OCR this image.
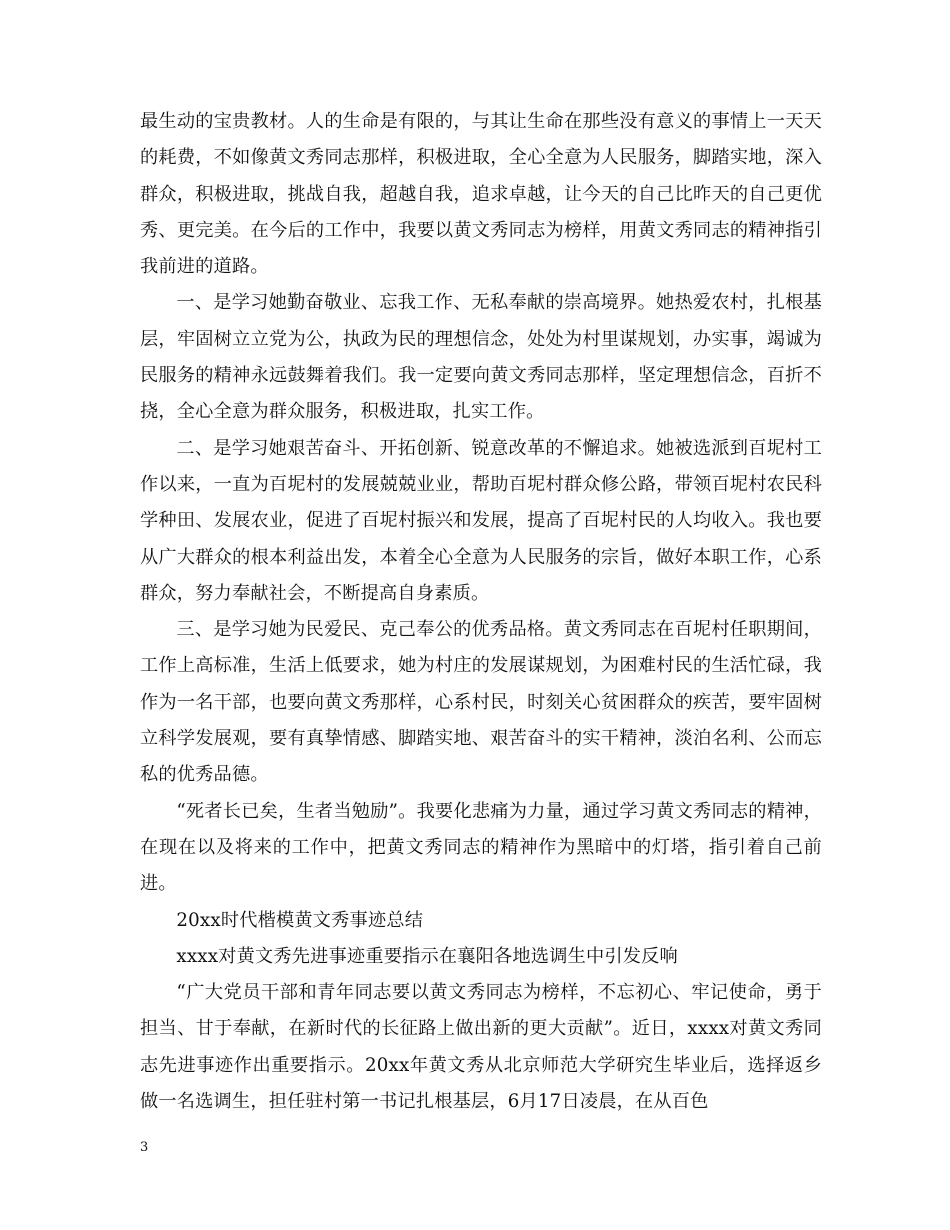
最生动的宝贵教材。人的生命是有限的，与其让生命在那些没有意义的事情上一天天的耗费，不如像黄文秀同志那样，积极进取，全心全意为人民服务，脚踏实地，深入群众，积极进取，挑战自我，超越自我，追求卓越，让今天的自己比昨天的自己更优秀、更完美。在今后的工作中，我要以黄文秀同志为榜样，用黄文秀同志的精神指引我前进的道路。

一、是学习她勤奋敬业、忘我工作、无私奉献的崇高境界。她热爱农村，扎根基层，牢固树立立党为公，执政为民的理想信念，处处为村里谋规划，办实事，竭诚为民服务的精神永远鼓舞着我们。我一定要向黄文秀同志那样，坚定理想信念，百折不挠，全心全意为群众服务，积极进取，扎实工作。

二、是学习她艰苦奋斗、开拓创新、锐意改革的不懈追求。她被选派到百坭村工作以来，一直为百坭村的发展兢兢业业，帮助百坭村群众修公路，带领百坭村农民科学种田、发展农业，促进了百坭村振兴和发展，提高了百坭村民的人均收入。我也要从广大群众的根本利益出发，本着全心全意为人民服务的宗旨，做好本职工作，心系群众，努力奉献社会，不断提高自身素质。

三、是学习她为民爱民、克己奉公的优秀品格。黄文秀同志在百坭村任职期间，工作上高标准，生活上低要求，她为村庄的发展谋规划，为困难村民的生活忙碌，我作为一名干部，也要向黄文秀那样，心系村民，时刻关心贫困群众的疾苦，要牢固树立科学发展观，要有真挚情感、脚踏实地、艰苦奋斗的实干精神，淡泊名利、公而忘私的优秀品德。

“死者长已矣，生者当勉励”。我要化悲痛为力量，通过学习黄文秀同志的精神，在现在以及将来的工作中，把黄文秀同志的精神作为黑暗中的灯塔，指引着自己前进。

20xx时代楷模黄文秀事迹总结

xxxx对黄文秀先进事迹重要指示在襄阳各地选调生中引发反响

“广大党员干部和青年同志要以黄文秀同志为榜样，不忘初心、牢记使命，勇于担当、甘于奉献，在新时代的长征路上做出新的更大贡献”。近日，xxxx对黄文秀同志先进事迹作出重要指示。20xx年黄文秀从北京师范大学研究生毕业后，选择返乡做一名选调生，担任驻村第一书记扎根基层，6月17日凌晨，在从百色

3
